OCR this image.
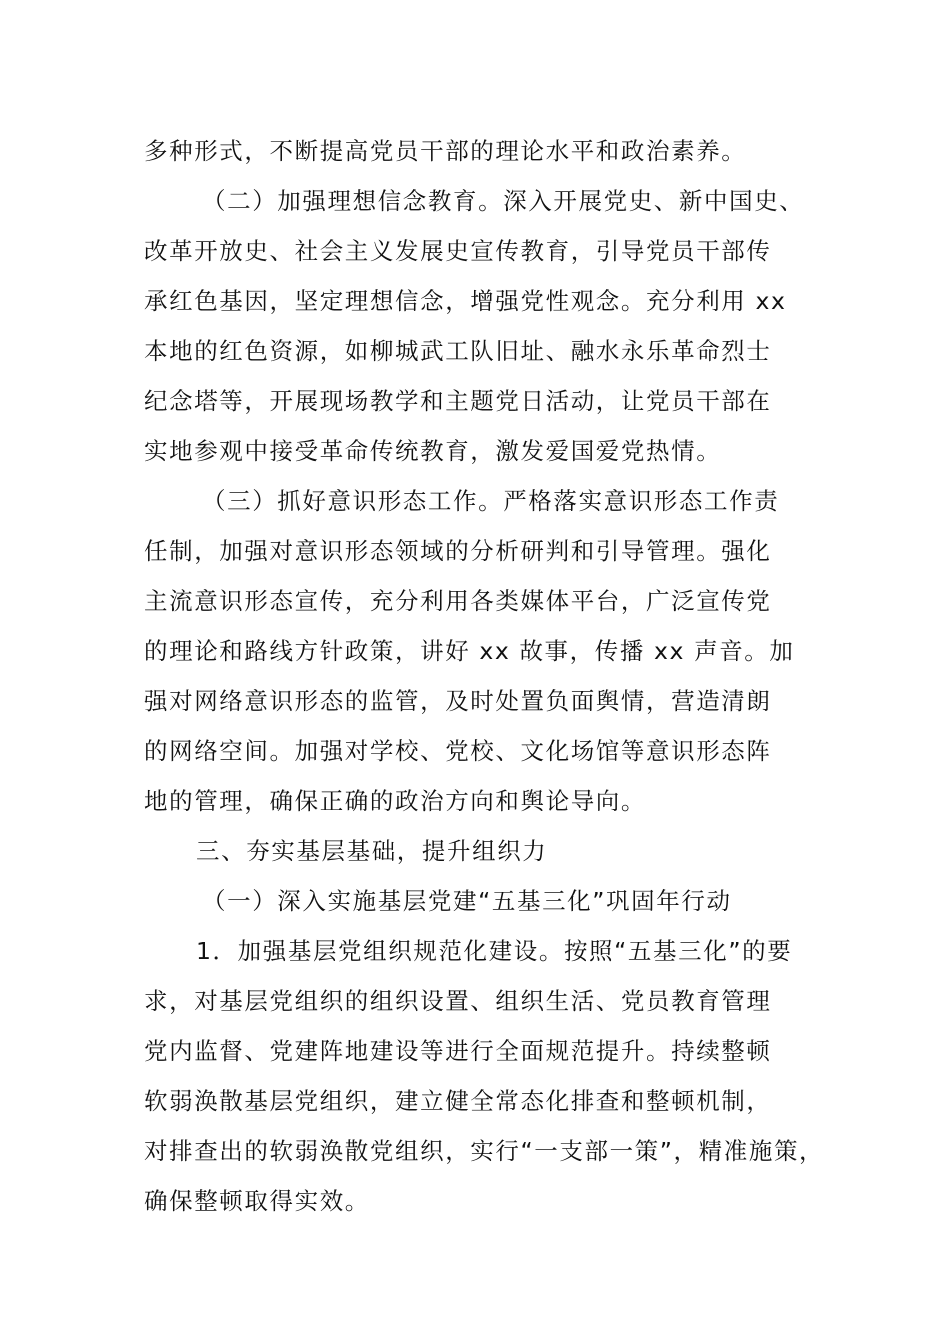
多种形式，不断提高党员干部的理论水平和政治素养。
（二）加强理想信念教育。深入开展党史、新中国史、
改革开放史、社会主义发展史宣传教育，引导党员干部传
承红色基因，坚定理想信念，增强党性观念。充分利用 xx
本地的红色资源，如柳城武工队旧址、融水永乐革命烈士
纪念塔等，开展现场教学和主题党日活动，让党员干部在
实地参观中接受革命传统教育，激发爱国爱党热情。
（三）抓好意识形态工作。严格落实意识形态工作责
任制，加强对意识形态领域的分析研判和引导管理。强化
主流意识形态宣传，充分利用各类媒体平台，广泛宣传党
的理论和路线方针政策，讲好 xx 故事，传播 xx 声音。加
强对网络意识形态的监管，及时处置负面舆情，营造清朗
的网络空间。加强对学校、党校、文化场馆等意识形态阵
地的管理，确保正确的政治方向和舆论导向。
三、夯实基层基础，提升组织力
（一）深入实施基层党建“五基三化”巩固年行动
1．加强基层党组织规范化建设。按照“五基三化”的要
求，对基层党组织的组织设置、组织生活、党员教育管理
党内监督、党建阵地建设等进行全面规范提升。持续整顿
软弱涣散基层党组织，建立健全常态化排查和整顿机制，
对排查出的软弱涣散党组织，实行“一支部一策”，精准施策，
确保整顿取得实效。
